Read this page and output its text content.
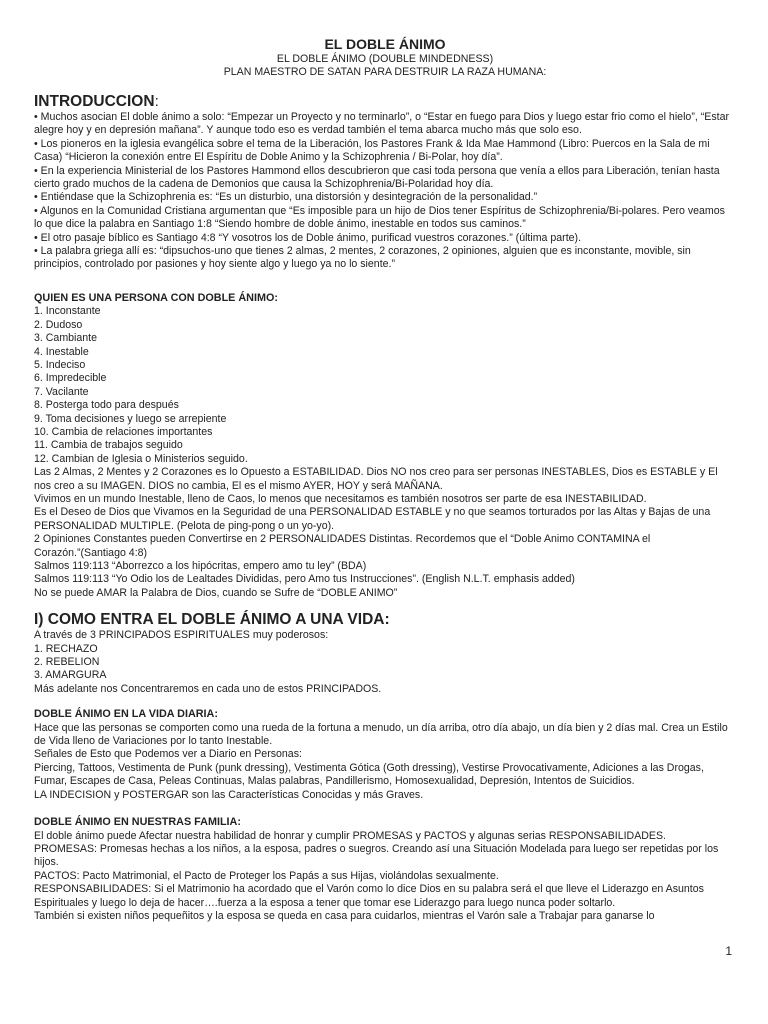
EL DOBLE ÁNIMO

EL DOBLE ÁNIMO (DOUBLE MINDEDNESS)

PLAN MAESTRO DE SATAN PARA DESTRUIR LA RAZA HUMANA:

INTRODUCCION:

• Muchos asocian El doble ánimo a solo: “Empezar un Proyecto y no terminarlo”, o “Estar en fuego para Dios y luego estar frio como el hielo”, “Estar alegre hoy y en depresión mañana”. Y aunque todo eso es verdad también el tema abarca mucho más que solo eso.

• Los pioneros en la iglesia evangélica sobre el tema de la Liberación, los Pastores Frank & Ida Mae Hammond (Libro: Puercos en la Sala de mi Casa) “Hicieron la conexión entre El Espíritu de Doble Animo y la Schizophrenia / Bi-Polar, hoy día”.

• En la experiencia Ministerial de los Pastores Hammond ellos descubrieron que casi toda persona que venía a ellos para Liberación, tenían hasta cierto grado muchos de la cadena de Demonios que causa la Schizophrenia/Bi-Polaridad hoy día.

• Entiéndase que la Schizophrenia es: “Es un disturbio, una distorsión y desintegración de la personalidad.”

• Algunos en la Comunidad Cristiana argumentan que “Es imposible para un hijo de Dios tener Espíritus de Schizophrenia/Bi-polares. Pero veamos lo que dice la palabra en Santiago 1:8 “Siendo hombre de doble ánimo, inestable en todos sus caminos.”

• El otro pasaje bíblico es Santiago 4:8 “Y vosotros los de Doble ánimo, purificad vuestros corazones.” (última parte).

• La palabra griega allí es: “dipsuchos-uno que tienes 2 almas, 2 mentes, 2 corazones, 2 opiniones, alguien que es inconstante, movible, sin principios, controlado por pasiones y hoy siente algo y luego ya no lo siente.”

QUIEN ES UNA PERSONA CON DOBLE ÁNIMO:

1. Inconstante
2. Dudoso
3. Cambiante
4. Inestable
5. Indeciso
6. Impredecible
7. Vacilante
8. Posterga todo para después
9. Toma decisiones y luego se arrepiente
10. Cambia de relaciones importantes
11. Cambia de trabajos seguido
12. Cambian de Iglesia o Ministerios seguido.

Las 2 Almas, 2 Mentes y 2 Corazones es lo Opuesto a ESTABILIDAD. Dios NO nos creo para ser personas INESTABLES, Dios es ESTABLE y El nos creo a su IMAGEN. DIOS no cambia, El es el mismo AYER, HOY y será MAÑANA.

Vivimos en un mundo Inestable, lleno de Caos, lo menos que necesitamos es también nosotros ser parte de esa INESTABILIDAD.

Es el Deseo de Dios que Vivamos en la Seguridad de una PERSONALIDAD ESTABLE y no que seamos torturados por las Altas y Bajas de una PERSONALIDAD MULTIPLE. (Pelota de ping-pong o un yo-yo).

2 Opiniones Constantes pueden Convertirse en 2 PERSONALIDADES Distintas. Recordemos que el “Doble Animo CONTAMINA el Corazón.”(Santiago 4:8)

Salmos 119:113 “Aborrezco a los hipócritas, empero amo tu ley” (BDA)

Salmos 119:113 “Yo Odio los de Lealtades Divididas, pero Amo tus Instrucciones”. (English N.L.T. emphasis added)

No se puede AMAR la Palabra de Dios, cuando se Sufre de “DOBLE ANIMO”

I) COMO ENTRA EL DOBLE ÁNIMO A UNA VIDA:

A través de 3 PRINCIPADOS ESPIRITUALES muy poderosos:

1. RECHAZO
2. REBELION
3. AMARGURA

Más adelante nos Concentraremos en cada uno de estos PRINCIPADOS.

DOBLE ÁNIMO EN LA VIDA DIARIA:

Hace que las personas se comporten como una rueda de la fortuna a menudo, un día arriba, otro día abajo, un día bien y 2 días mal. Crea un Estilo de Vida lleno de Variaciones por lo tanto Inestable.

Señales de Esto que Podemos ver a Diario en Personas:

Piercing, Tattoos, Vestimenta de Punk (punk dressing), Vestimenta Gótica (Goth dressing), Vestirse Provocativamente, Adiciones a las Drogas, Fumar, Escapes de Casa, Peleas Continuas, Malas palabras, Pandillerismo, Homosexualidad, Depresión, Intentos de Suicidios.

LA INDECISION y POSTERGAR son las Características Conocidas y más Graves.

DOBLE ÁNIMO EN NUESTRAS FAMILIA:

El doble ánimo puede Afectar nuestra habilidad de honrar y cumplir PROMESAS y PACTOS y algunas serias RESPONSABILIDADES.

PROMESAS: Promesas hechas a los niños, a la esposa, padres o suegros. Creando así una Situación Modelada para luego ser repetidas por los hijos.

PACTOS: Pacto Matrimonial, el Pacto de Proteger los Papás a sus Hijas, violándolas sexualmente.

RESPONSABILIDADES: Si el Matrimonio ha acordado que el Varón como lo dice Dios en su palabra será el que lleve el Liderazgo en Asuntos Espirituales y luego lo deja de hacer….fuerza a la esposa a tener que tomar ese Liderazgo para luego nunca poder soltarlo.

También si existen niños pequeñitos y la esposa se queda en casa para cuidarlos, mientras el Varón sale a Trabajar para ganarse lo

1
